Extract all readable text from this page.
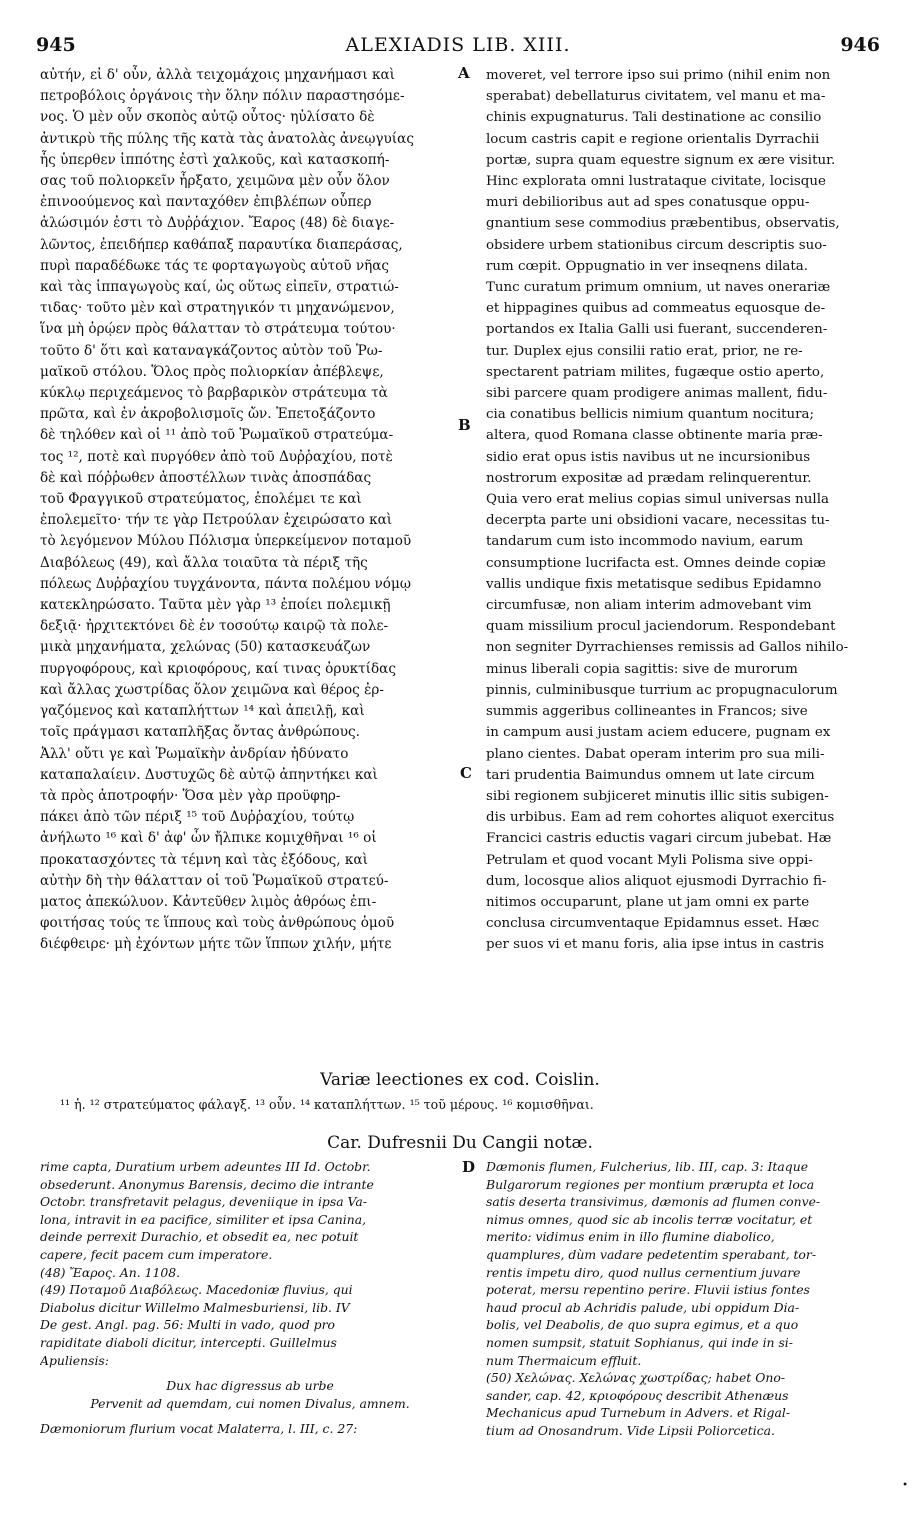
945	ALEXIADIS LIB. XIII.	946
αὐτήν, εἰ δ' οὖν, ἀλλὰ τειχομάχοις μηχανήμασι καὶ
πετροβόλοις ὀργάνοις τὴν ὅλην πόλιν παραστησόμε-
νος. Ὁ μὲν οὖν σκοπὸς αὐτῷ οὗτος· ηὐλίσατο δὲ
ἀντικρὺ τῆς πύλης τῆς κατὰ τὰς ἀνατολὰς ἀνεῳγυίας
ἧς ὑπερθεν ἱππότης ἐστὶ χαλκοῦς, καὶ κατασκοπή-
σας τοῦ πολιορκεῖν ἦρξατο, χειμῶνα μὲν οὖν ὅλον
ἐπινοούμενος καὶ πανταχόθεν ἐπιβλέπων οὗπερ
ἁλώσιμόν ἐστι τὸ Δυῤῥάχιον. Ἔαρος (48) δὲ διαγε-
λῶντος, ἐπειδήπερ καθάπαξ παραυτίκα διαπεράσας,
πυρὶ παραδέδωκε τάς τε φορταγωγοὺς αὐτοῦ νῆας
καὶ τὰς ἱππαγωγοὺς καί, ὡς οὕτως εἰπεῖν, στρατιώ-
τιδας· τοῦτο μὲν καὶ στρατηγικόν τι μηχανώμενον,
ἵνα μὴ ὁρῴεν πρὸς θάλατταν τὸ στράτευμα τούτου·
τοῦτο δ' ὅτι καὶ καταναγκάζοντος αὐτὸν τοῦ Ῥω-
μαϊκοῦ στόλου. Ὅλος πρὸς πολιορκίαν ἀπέβλεψε,
κύκλῳ περιχεάμενος τὸ βαρβαρικὸν στράτευμα τὰ
πρῶτα, καὶ ἐν ἀκροβολισμοῖς ὤν. Ἐπετοξάζοντο
δὲ τηλόθεν καὶ οἱ ¹¹ ἀπὸ τοῦ Ῥωμαϊκοῦ στρατεύμα-
τος ¹², ποτὲ καὶ πυργόθεν ἀπὸ τοῦ Δυῤῥαχίου, ποτὲ
δὲ καὶ πόῤῥωθεν ἀποστέλλων τινὰς ἀποσπάδας
τοῦ Φραγγικοῦ στρατεύματος, ἐπολέμει τε καὶ
ἐπολεμεῖτο· τήν τε γὰρ Πετρούλαν ἐχειρώσατο καὶ
τὸ λεγόμενον Μύλου Πόλισμα ὑπερκείμενον ποταμοῦ
Διαβόλεως (49), καὶ ἄλλα τοιαῦτα τὰ πέριξ τῆς
πόλεως Δυῤῥαχίου τυγχάνοντα, πάντα πολέμου νόμῳ
κατεκληρώσατο. Ταῦτα μὲν γὰρ ¹³ ἐποίει πολεμικῇ
δεξιᾷ· ἠρχιτεκτόνει δὲ ἐν τοσούτῳ καιρῷ τὰ πολε-
μικὰ μηχανήματα, χελώνας (50) κατασκευάζων
πυργοφόρους, καὶ κριοφόρους, καί τινας ὀρυκτίδας
καὶ ἄλλας χωστρίδας ὅλον χειμῶνα καὶ θέρος ἐρ-
γαζόμενος καὶ καταπλήττων ¹⁴ καὶ ἀπειλῇ, καὶ
τοῖς πράγμασι καταπλῆξας ὄντας ἀνθρώπους.
Ἀλλ' οὔτι γε καὶ Ῥωμαϊκὴν ἀνδρίαν ἠδύνατο
καταπαλαίειν. Δυστυχῶς δὲ αὐτῷ ἀπηντήκει καὶ
τὰ πρὸς ἀποτροφήν· Ὅσα μὲν γὰρ προϋφηρ-
πάκει ἀπὸ τῶν πέριξ ¹⁵ τοῦ Δυῤῥαχίου, τούτῳ
ἀνήλωτο ¹⁶ καὶ δ' ἀφ' ὧν ἤλπικε κομιχθῆναι ¹⁶ οἱ
προκατασχόντες τὰ τέμνη καὶ τὰς ἐξόδους, καὶ
αὐτὴν δὴ τὴν θάλατταν οἱ τοῦ Ῥωμαϊκοῦ στρατεύ-
ματος ἀπεκώλυον. Κἀντεῦθεν λιμὸς ἀθρόως ἐπι-
φοιτήσας τούς τε ἵππους καὶ τοὺς ἀνθρώπους ὁμοῦ
διέφθειρε· μὴ ἐχόντων μήτε τῶν ἵππων χιλήν, μήτε
moveret, vel terrore ipso sui primo (nihil enim non
sperabat) debellaturus civitatem, vel manu et ma-
chinis expugnaturus. Tali destinatione ac consilio
locum castris capit e regione orientalis Dyrrachii
portæ, supra quam equestre signum ex ære visitur.
Hinc explorata omni lustrataque civitate, locisque
muri debilioribus aut ad spes conatusque oppu-
gnantium sese commodius præbentibus, observatis,
obsidere urbem stationibus circum descriptis suo-
rum cœpit. Oppugnatio in ver inseqnens dilata.
Tunc curatum primum omnium, ut naves onerariæ
et hippagines quibus ad commeatus equosque de-
portandos ex Italia Galli usi fuerant, succenderen-
tur. Duplex ejus consilii ratio erat, prior, ne re-
spectarent patriam milites, fugæque ostio aperto,
sibi parcere quam prodigere animas mallent, fidu-
cia conatibus bellicis nimium quantum nocitura;
altera, quod Romana classe obtinente maria præ-
sidio erat opus istis navibus ut ne incursionibus
nostrorum expositæ ad prædam relinquerentur.
Quia vero erat melius copias simul universas nulla
decerpta parte uni obsidioni vacare, necessitas tu-
tandarum cum isto incommodo navium, earum
consumptione lucrifacta est. Omnes deinde copiæ
vallis undique fixis metatisque sedibus Epidamno
circumfusæ, non aliam interim admovebant vim
quam missilium procul jaciendorum. Respondebant
non segniter Dyrrachienses remissis ad Gallos nihilo-
minus liberali copia sagittis: sive de murorum
pinnis, culminibusque turrium ac propugnaculorum
summis aggeribus collineantes in Francos; sive
in campum ausi justam aciem educere, pugnam ex
plano cientes. Dabat operam interim pro sua mili-
tari prudentia Baimundus omnem ut late circum
sibi regionem subjiceret minutis illic sitis subigen-
dis urbibus. Eam ad rem cohortes aliquot exercitus
Francici castris eductis vagari circum jubebat. Hæ
Petrulam et quod vocant Myli Polisma sive oppi-
dum, locosque alios aliquot ejusmodi Dyrrachio fi-
nitimos occuparunt, plane ut jam omni ex parte
conclusa circumventaque Epidamnus esset. Hæc
per suos vi et manu foris, alia ipse intus in castris
A
B
C
D
Variæ leectiones ex cod. Coislin.
¹¹ ἡ. ¹² στρατεύματος φάλαγξ. ¹³ οὖν. ¹⁴ καταπλήττων. ¹⁵ τοῦ μέρους. ¹⁶ κομισθῆναι.
Car. Dufresnii Du Cangii notæ.
rime capta, Duratium urbem adeuntes III Id. Octobr.
obsederunt. Anonymus Barensis, decimo die intrante
Octobr. transfretavit pelagus, deveniique in ipsa Va-
lona, intravit in ea pacifice, similiter et ipsa Canina,
deinde perrexit Durachio, et obsedit ea, nec potuit
capere, fecit pacem cum imperatore.
(48) Ἔαρος. An. 1108.
(49) Ποταμοῦ Διαβόλεως. Macedoniæ fluvius, qui
Diabolus dicitur Willelmo Malmesburiensi, lib. IV
De gest. Angl. pag. 56: Multi in vado, quod pro
rapiditate diaboli dicitur, intercepti. Guillelmus
Apuliensis:
Dux hac digressus ab urbe
Pervenit ad quemdam, cui nomen Divalus, amnem.
Dæmoniorum flurium vocat Malaterra, l. III, c. 27:
Dæmonis flumen, Fulcherius, lib. III, cap. 3: Itaque
Bulgarorum regiones per montium prærupta et loca
satis deserta transivimus, dæmonis ad flumen conve-
nimus omnes, quod sic ab incolis terræ vocitatur, et
merito: vidimus enim in illo flumine diabolico,
quamplures, dùm vadare pedetentim sperabant, tor-
rentis impetu diro, quod nullus cernentium juvare
poterat, mersu repentino perire. Fluvii istius fontes
haud procul ab Achridis palude, ubi oppidum Dia-
bolis, vel Deabolis, de quo supra egimus, et a quo
nomen sumpsit, statuit Sophianus, qui inde in si-
num Thermaicum effluit.
(50) Χελώνας. Χελώνας χωστρίδας; habet Ono-
sander, cap. 42, κριοφόρους describit Athenæus
Mechanicus apud Turnebum in Advers. et Rigal-
tium ad Onosandrum. Vide Lipsii Poliorcetica.
•
